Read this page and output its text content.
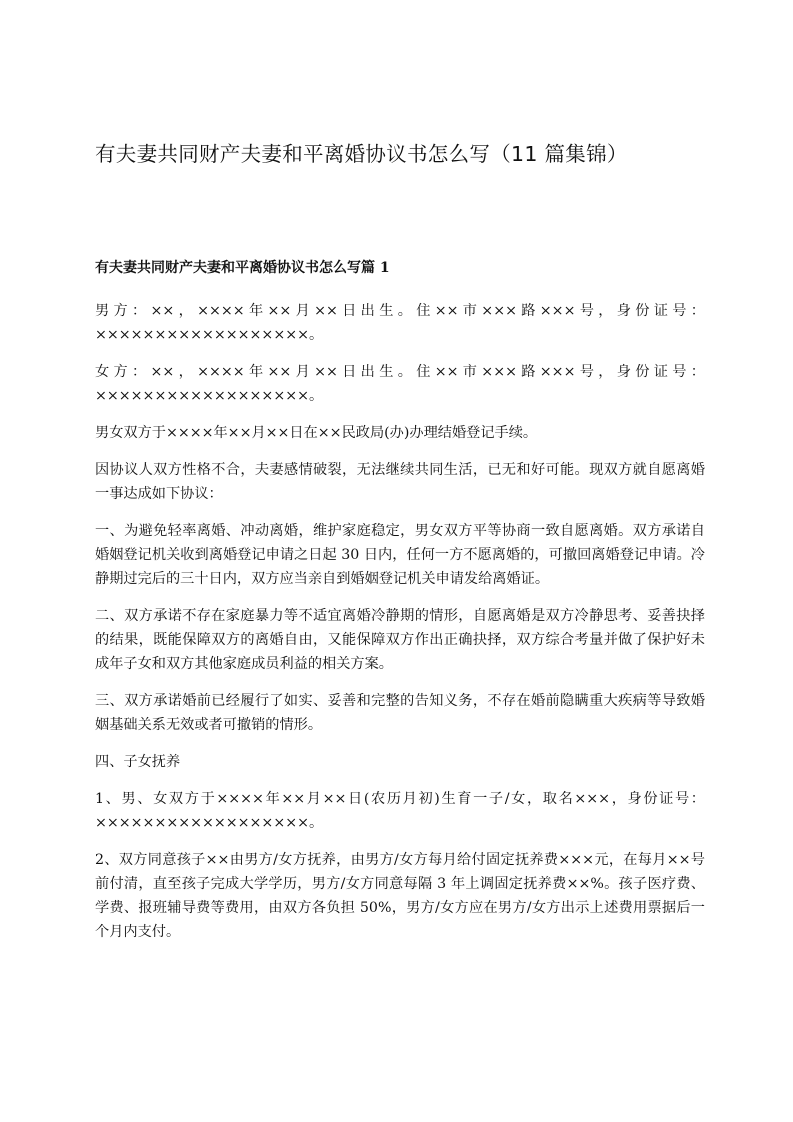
有夫妻共同财产夫妻和平离婚协议书怎么写（11 篇集锦）
有夫妻共同财产夫妻和平离婚协议书怎么写篇 1

男方：××，××××年××月××日出生。住××市×××路×××号，身份证号：××××××××××××××××××。

女方：××，××××年××月××日出生。住××市×××路×××号，身份证号：××××××××××××××××××。

男女双方于××××年××月××日在××民政局(办)办理结婚登记手续。

因协议人双方性格不合，夫妻感情破裂，无法继续共同生活，已无和好可能。现双方就自愿离婚一事达成如下协议：

一、为避免轻率离婚、冲动离婚，维护家庭稳定，男女双方平等协商一致自愿离婚。双方承诺自婚姻登记机关收到离婚登记申请之日起 30 日内，任何一方不愿离婚的，可撤回离婚登记申请。冷静期过完后的三十日内，双方应当亲自到婚姻登记机关申请发给离婚证。

二、双方承诺不存在家庭暴力等不适宜离婚冷静期的情形，自愿离婚是双方冷静思考、妥善抉择的结果，既能保障双方的离婚自由，又能保障双方作出正确抉择，双方综合考量并做了保护好未成年子女和双方其他家庭成员利益的相关方案。

三、双方承诺婚前已经履行了如实、妥善和完整的告知义务，不存在婚前隐瞒重大疾病等导致婚姻基础关系无效或者可撤销的情形。

四、子女抚养

1、男、女双方于××××年××月××日(农历月初)生育一子/女，取名×××，身份证号：××××××××××××××××××。

2、双方同意孩子××由男方/女方抚养，由男方/女方每月给付固定抚养费×××元，在每月××号前付清，直至孩子完成大学学历，男方/女方同意每隔 3 年上调固定抚养费××%。孩子医疗费、学费、报班辅导费等费用，由双方各负担 50%，男方/女方应在男方/女方出示上述费用票据后一个月内支付。
